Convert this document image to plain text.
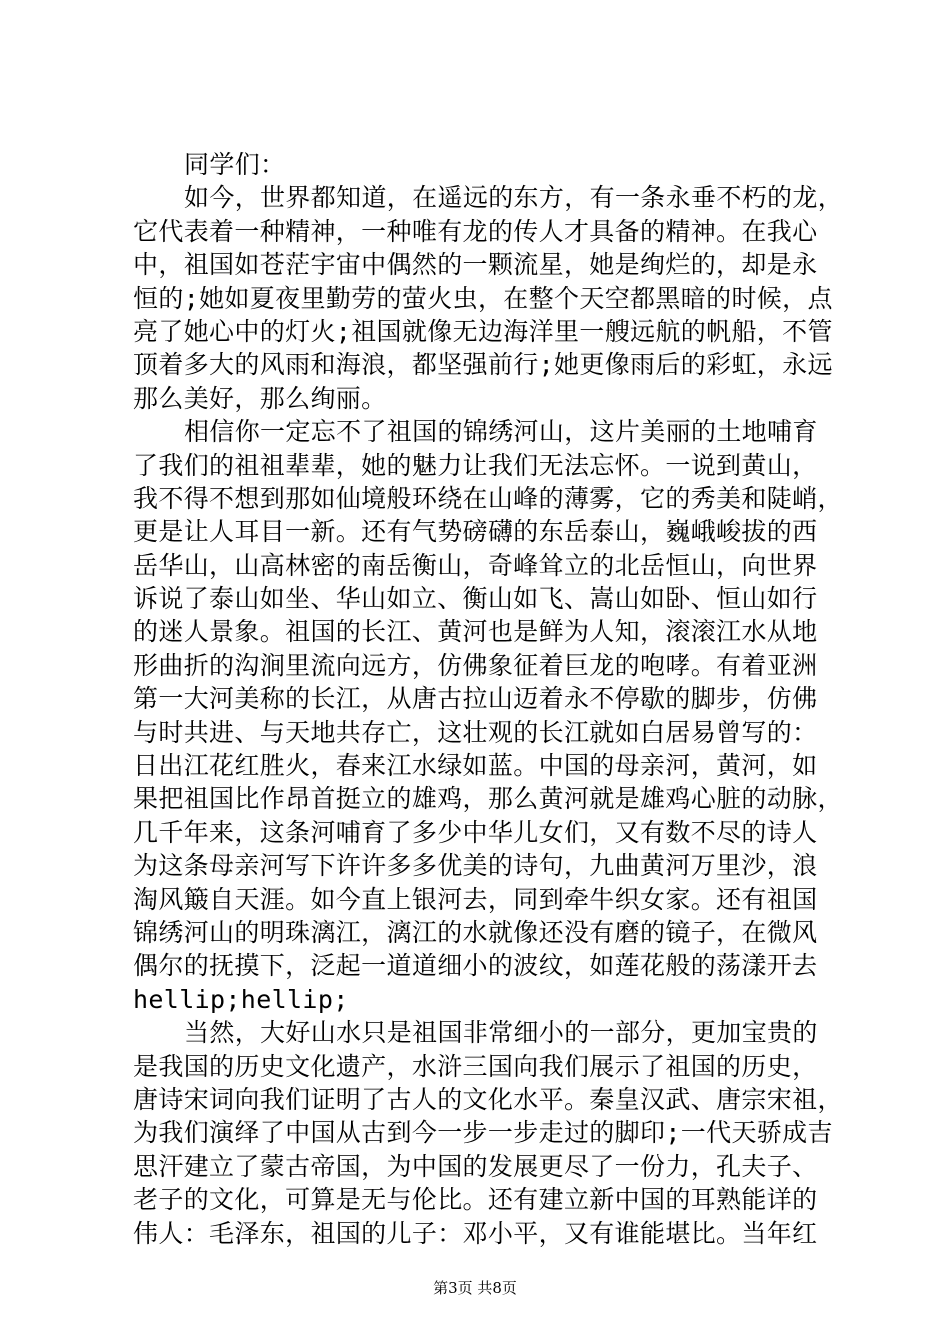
同学们：
如今，世界都知道，在遥远的东方，有一条永垂不朽的龙，
它代表着一种精神，一种唯有龙的传人才具备的精神。在我心
中，祖国如苍茫宇宙中偶然的一颗流星，她是绚烂的，却是永
恒的;她如夏夜里勤劳的萤火虫，在整个天空都黑暗的时候，点
亮了她心中的灯火;祖国就像无边海洋里一艘远航的帆船，不管
顶着多大的风雨和海浪，都坚强前行;她更像雨后的彩虹，永远
那么美好，那么绚丽。
相信你一定忘不了祖国的锦绣河山，这片美丽的土地哺育
了我们的祖祖辈辈，她的魅力让我们无法忘怀。一说到黄山，
我不得不想到那如仙境般环绕在山峰的薄雾，它的秀美和陡峭，
更是让人耳目一新。还有气势磅礴的东岳泰山，巍峨峻拔的西
岳华山，山高林密的南岳衡山，奇峰耸立的北岳恒山，向世界
诉说了泰山如坐、华山如立、衡山如飞、嵩山如卧、恒山如行
的迷人景象。祖国的长江、黄河也是鲜为人知，滚滚江水从地
形曲折的沟涧里流向远方，仿佛象征着巨龙的咆哮。有着亚洲
第一大河美称的长江，从唐古拉山迈着永不停歇的脚步，仿佛
与时共进、与天地共存亡，这壮观的长江就如白居易曾写的：
日出江花红胜火，春来江水绿如蓝。中国的母亲河，黄河，如
果把祖国比作昂首挺立的雄鸡，那么黄河就是雄鸡心脏的动脉，
几千年来，这条河哺育了多少中华儿女们，又有数不尽的诗人
为这条母亲河写下许许多多优美的诗句，九曲黄河万里沙，浪
淘风簸自天涯。如今直上银河去，同到牵牛织女家。还有祖国
锦绣河山的明珠漓江，漓江的水就像还没有磨的镜子，在微风
偶尔的抚摸下，泛起一道道细小的波纹，如莲花般的荡漾开去
hellip;hellip;
当然，大好山水只是祖国非常细小的一部分，更加宝贵的
是我国的历史文化遗产，水浒三国向我们展示了祖国的历史，
唐诗宋词向我们证明了古人的文化水平。秦皇汉武、唐宗宋祖，
为我们演绎了中国从古到今一步一步走过的脚印;一代天骄成吉
思汗建立了蒙古帝国，为中国的发展更尽了一份力，孔夫子、
老子的文化，可算是无与伦比。还有建立新中国的耳熟能详的
伟人：毛泽东，祖国的儿子：邓小平，又有谁能堪比。当年红
第3页 共8页
